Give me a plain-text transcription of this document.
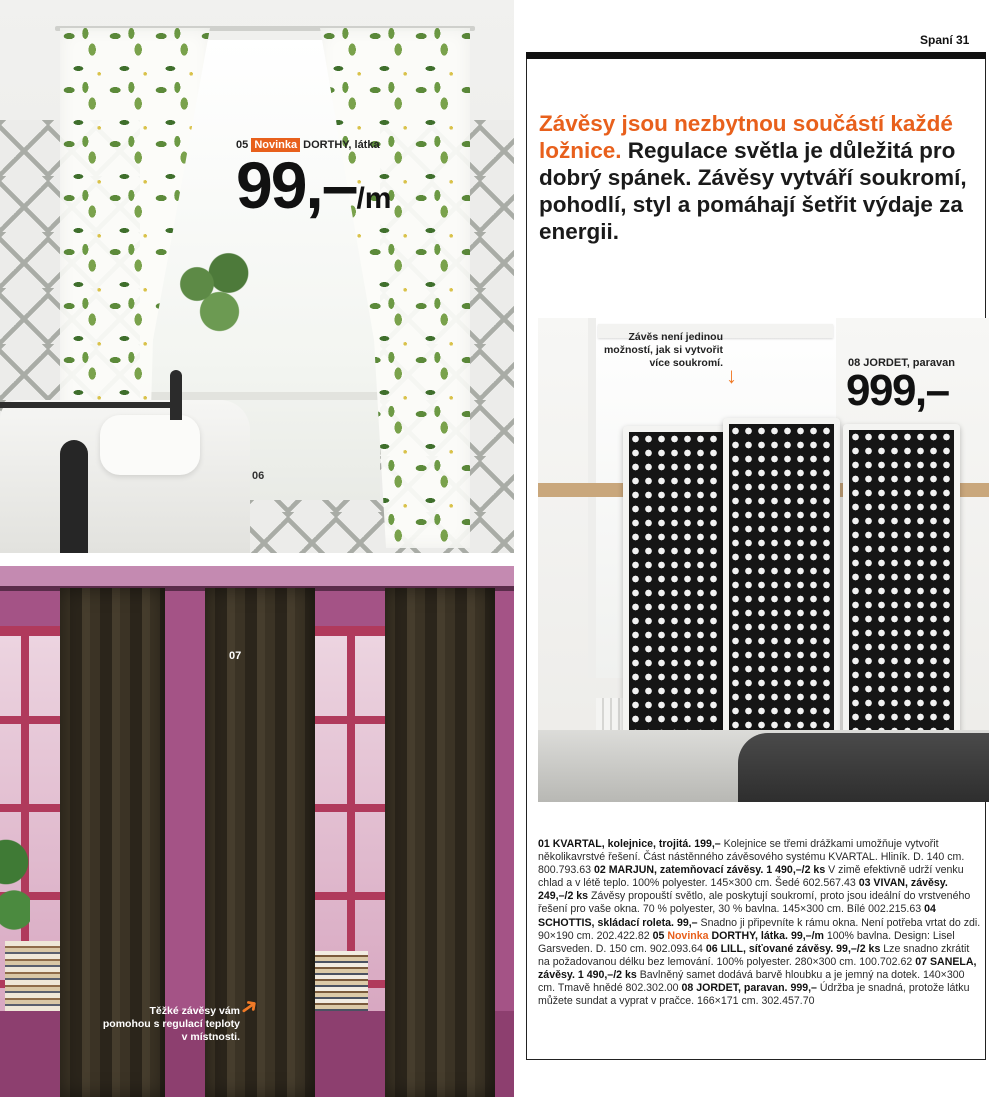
Spaní 31
05 Novinka DORTHY, látka
99,–/m
06
07
Těžké závěsy vám pomohou s regulací teploty v místnosti.
➜
Závěsy jsou nezbytnou součástí každé ložnice. Regulace světla je důležitá pro dobrý spánek. Závěsy vytváří soukromí, pohodlí, styl a pomáhají šetřit výdaje za energii.
Závěs není jedinou možností, jak si vytvořit více soukromí. ↓	08 JORDET, paravan
999,–
01 KVARTAL, kolejnice, trojitá. 199,– Kolejnice se třemi drážkami umožňuje vytvořit několikavrstvé řešení. Část nástěnného závěsového systému KVARTAL. Hliník. D. 140 cm. 800.793.63 02 MARJUN, zatemňovací závěsy. 1 490,–/2 ks V zimě efektivně udrží venku chlad a v létě teplo. 100% polyester. 145×300 cm. Šedé 602.567.43 03 VIVAN, závěsy. 249,–/2 ks Závěsy propouští světlo, ale poskytují soukromí, proto jsou ideální do vrstveného řešení pro vaše okna. 70 % polyester, 30 % bavlna. 145×300 cm. Bílé 002.215.63 04 SCHOTTIS, skládací roleta. 99,– Snadno ji připevníte k rámu okna. Není potřeba vrtat do zdi. 90×190 cm. 202.422.82 05 Novinka DORTHY, látka. 99,–/m 100% bavlna. Design: Lisel Garsveden. D. 150 cm. 902.093.64 06 LILL, síťované závěsy. 99,–/2 ks Lze snadno zkrátit na požadovanou délku bez lemování. 100% polyester. 280×300 cm. 100.702.62 07 SANELA, závěsy. 1 490,–/2 ks Bavlněný samet dodává barvě hloubku a je jemný na dotek. 140×300 cm. Tmavě hnědé 802.302.00 08 JORDET, paravan. 999,– Údržba je snadná, protože látku můžete sundat a vyprat v pračce. 166×171 cm. 302.457.70
